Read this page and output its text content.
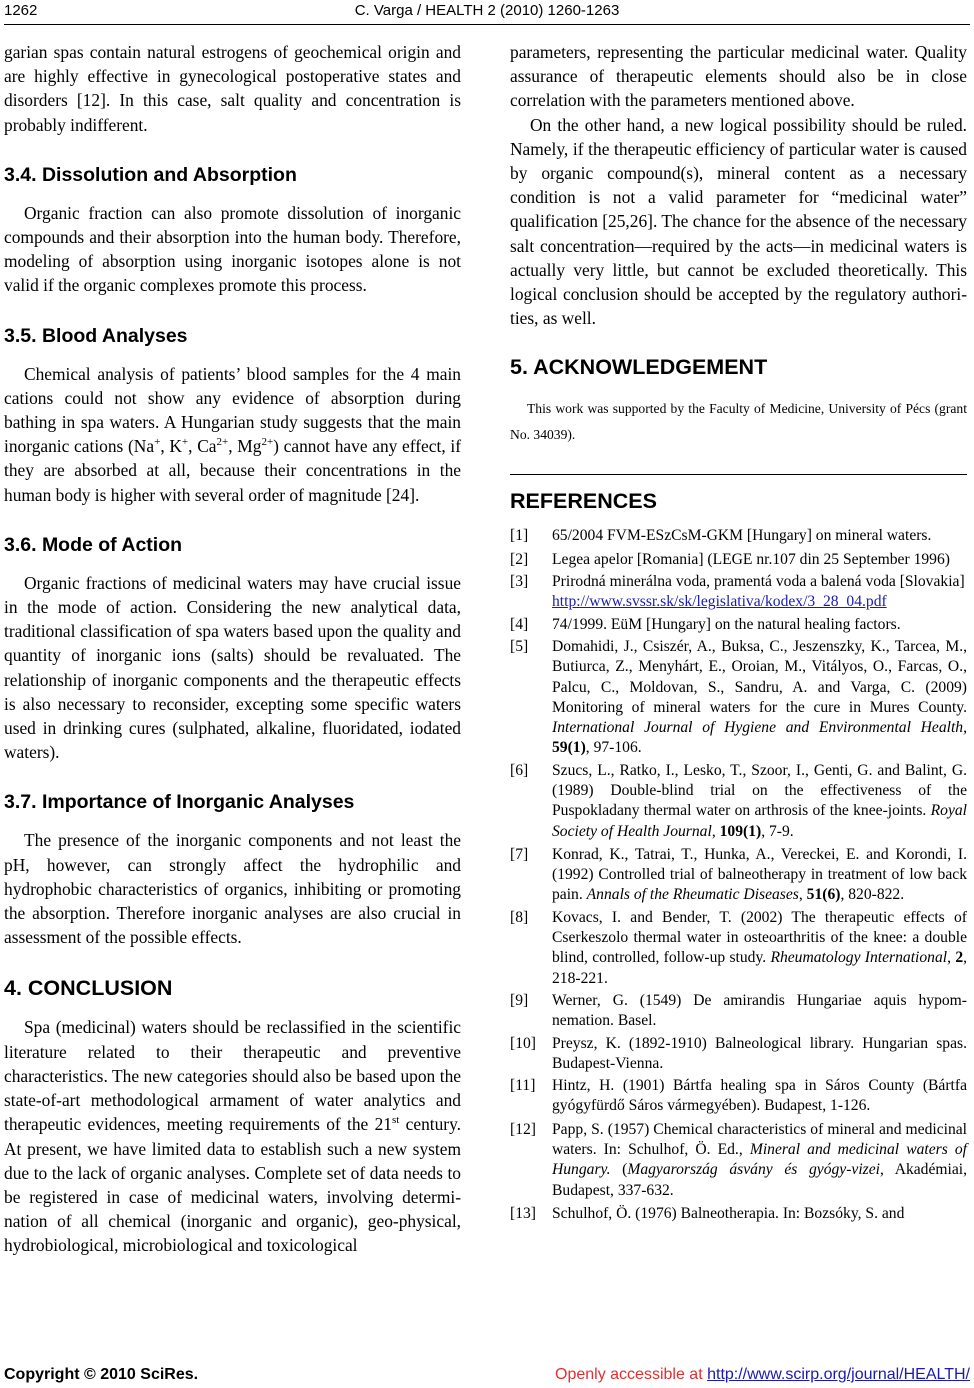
1262	C. Varga / HEALTH 2 (2010) 1260-1263

garian spas contain natural estrogens of geochemical origin and are highly effective in gynecological postoperative states and disorders [12]. In this case, salt quality and concentration is probably indifferent.

3.4. Dissolution and Absorption

Organic fraction can also promote dissolution of inorganic compounds and their absorption into the human body. Therefore, modeling of absorption using inorganic isotopes alone is not valid if the organic complexes promote this process.

3.5. Blood Analyses

Chemical analysis of patients’ blood samples for the 4 main cations could not show any evidence of absorption during bathing in spa waters. A Hungarian study suggests that the main inorganic cations (Na+, K+, $Ca^{2+}$, $Mg^{2+}$) cannot have any effect, if they are absorbed at all, because their concentrations in the human body is higher with several order of magnitude [24].

3.6. Mode of Action

Organic fractions of medicinal waters may have crucial issue in the mode of action. Considering the new analytical data, traditional classification of spa waters based upon the quality and quantity of inorganic ions (salts) should be revaluated. The relationship of inorganic components and the therapeutic effects is also necessary to reconsider, excepting some specific waters used in drinking cures (sulphated, alkaline, fluoridated, iodated waters).

3.7. Importance of Inorganic Analyses

The presence of the inorganic components and not least the pH, however, can strongly affect the hydrophilic and hydrophobic characteristics of organics, inhibiting or promoting the absorption. Therefore inorganic analyses are also crucial in assessment of the possible effects.

4. CONCLUSION

Spa (medicinal) waters should be reclassified in the scientific literature related to their therapeutic and preventive characteristics. The new categories should also be based upon the state-of-art methodological armament of water analytics and therapeutic evidences, meeting requirements of the 21st century. At present, we have limited data to establish such a new system due to the lack of organic analyses. Complete set of data needs to be registered in case of medicinal waters, involving determination of all chemical (inorganic and organic), geo-physical, hydrobiological, microbiological and toxicological

parameters, representing the particular medicinal water. Quality assurance of therapeutic elements should also be in close correlation with the parameters mentioned above.

On the other hand, a new logical possibility should be ruled. Namely, if the therapeutic efficiency of particular water is caused by organic compound(s), mineral content as a necessary condition is not a valid parameter for “medicinal water” qualification [25,26]. The chance for the absence of the necessary salt concentration—required by the acts—in medicinal waters is actually very little, but cannot be excluded theoretically. This logical conclusion should be accepted by the regulatory authorities, as well.

5. ACKNOWLEDGEMENT

This work was supported by the Faculty of Medicine, University of Pécs (grant No. 34039).

REFERENCES
[1]	65/2004 FVM-ESzCsM-GKM [Hungary] on mineral waters.
[2]	Legea apelor [Romania] (LEGE nr.107 din 25 September 1996)
[3]	Prirodná minerálna voda, pramentá voda a balená voda [Slovakia]
http://www.svssr.sk/sk/legislativa/kodex/3_28_04.pdf
[4]	74/1999. EüM [Hungary] on the natural healing factors.
[5]	Domahidi, J., Csiszér, A., Buksa, C., Jeszenszky, K., Tarcea, M., Butiurca, Z., Menyhárt, E., Oroian, M., Vitályos, O., Farcas, O., Palcu, C., Moldovan, S., Sandru, A. and Varga, C. (2009) Monitoring of mineral waters for the cure in Mures County. International Journal of Hygiene and Environmental Health, 59(1), 97-106.
[6]	Szucs, L., Ratko, I., Lesko, T., Szoor, I., Genti, G. and Balint, G. (1989) Double-blind trial on the effectiveness of the Puspokladany thermal water on arthrosis of the knee-joints. Royal Society of Health Journal, 109(1), 7-9.
[7]	Konrad, K., Tatrai, T., Hunka, A., Vereckei, E. and Korondi, I. (1992) Controlled trial of balneotherapy in treatment of low back pain. Annals of the Rheumatic Diseases, 51(6), 820-822.
[8]	Kovacs, I. and Bender, T. (2002) The therapeutic effects of Cserkeszolo thermal water in osteoarthritis of the knee: a double blind, controlled, follow-up study. Rheumatology International, 2, 218-221.
[9]	Werner, G. (1549) De amirandis Hungariae aquis hypomnemation. Basel.
[10]	Preysz, K. (1892-1910) Balneological library. Hungarian spas. Budapest-Vienna.
[11]	Hintz, H. (1901) Bártfa healing spa in Sáros County (Bártfa gyógyfürdő Sáros vármegyében). Budapest, 1-126.
[12]	Papp, S. (1957) Chemical characteristics of mineral and medicinal waters. In: Schulhof, Ö. Ed., Mineral and medicinal waters of Hungary. (Magyarország ásvány és gyógy-vizei, Akadémiai, Budapest, 337-632.
[13]	Schulhof, Ö. (1976) Balneotherapia. In: Bozsóky, S. and
Copyright © 2010 SciRes.	Openly accessible at http://www.scirp.org/journal/HEALTH/
